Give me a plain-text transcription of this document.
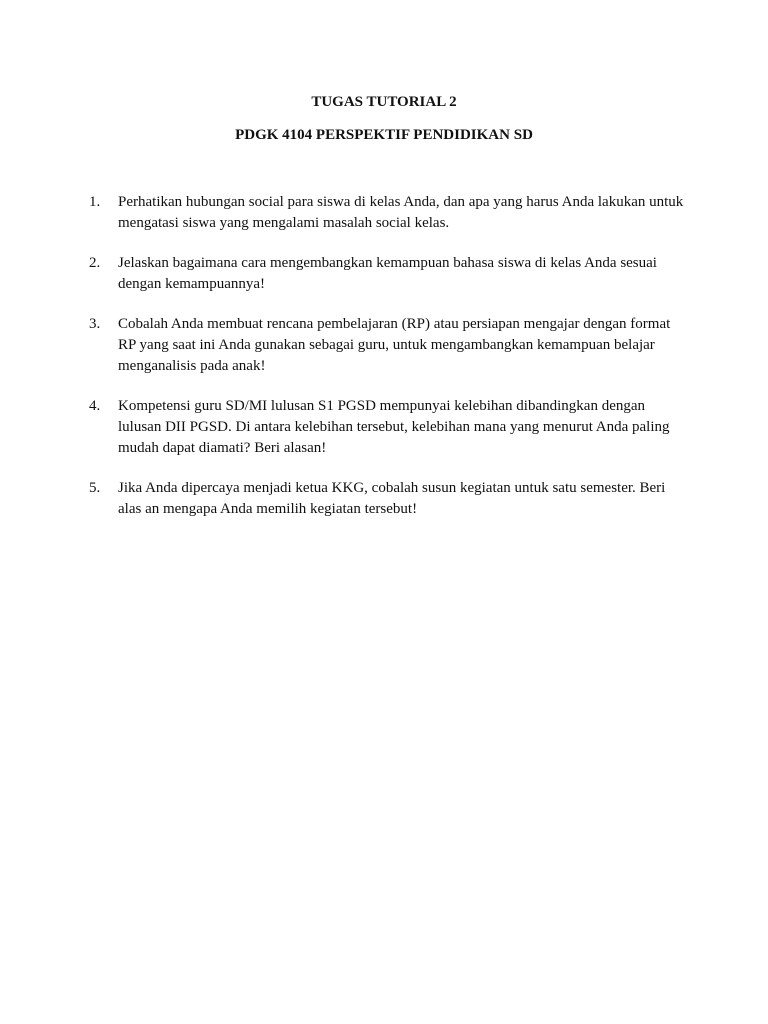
TUGAS TUTORIAL 2
PDGK 4104 PERSPEKTIF PENDIDIKAN SD
1. Perhatikan hubungan social para siswa di kelas Anda, dan apa yang harus Anda lakukan untuk mengatasi siswa yang mengalami masalah social kelas.
2. Jelaskan bagaimana cara mengembangkan kemampuan bahasa siswa di kelas Anda sesuai dengan kemampuannya!
3. Cobalah Anda membuat rencana pembelajaran (RP) atau persiapan mengajar dengan format RP yang saat ini Anda gunakan sebagai guru, untuk mengambangkan kemampuan belajar menganalisis pada anak!
4. Kompetensi guru SD/MI lulusan S1 PGSD mempunyai kelebihan dibandingkan dengan lulusan DII PGSD. Di antara kelebihan tersebut, kelebihan mana yang menurut Anda paling mudah dapat diamati? Beri alasan!
5. Jika Anda dipercaya menjadi ketua KKG, cobalah susun kegiatan untuk satu semester. Beri alas an mengapa Anda memilih kegiatan tersebut!
